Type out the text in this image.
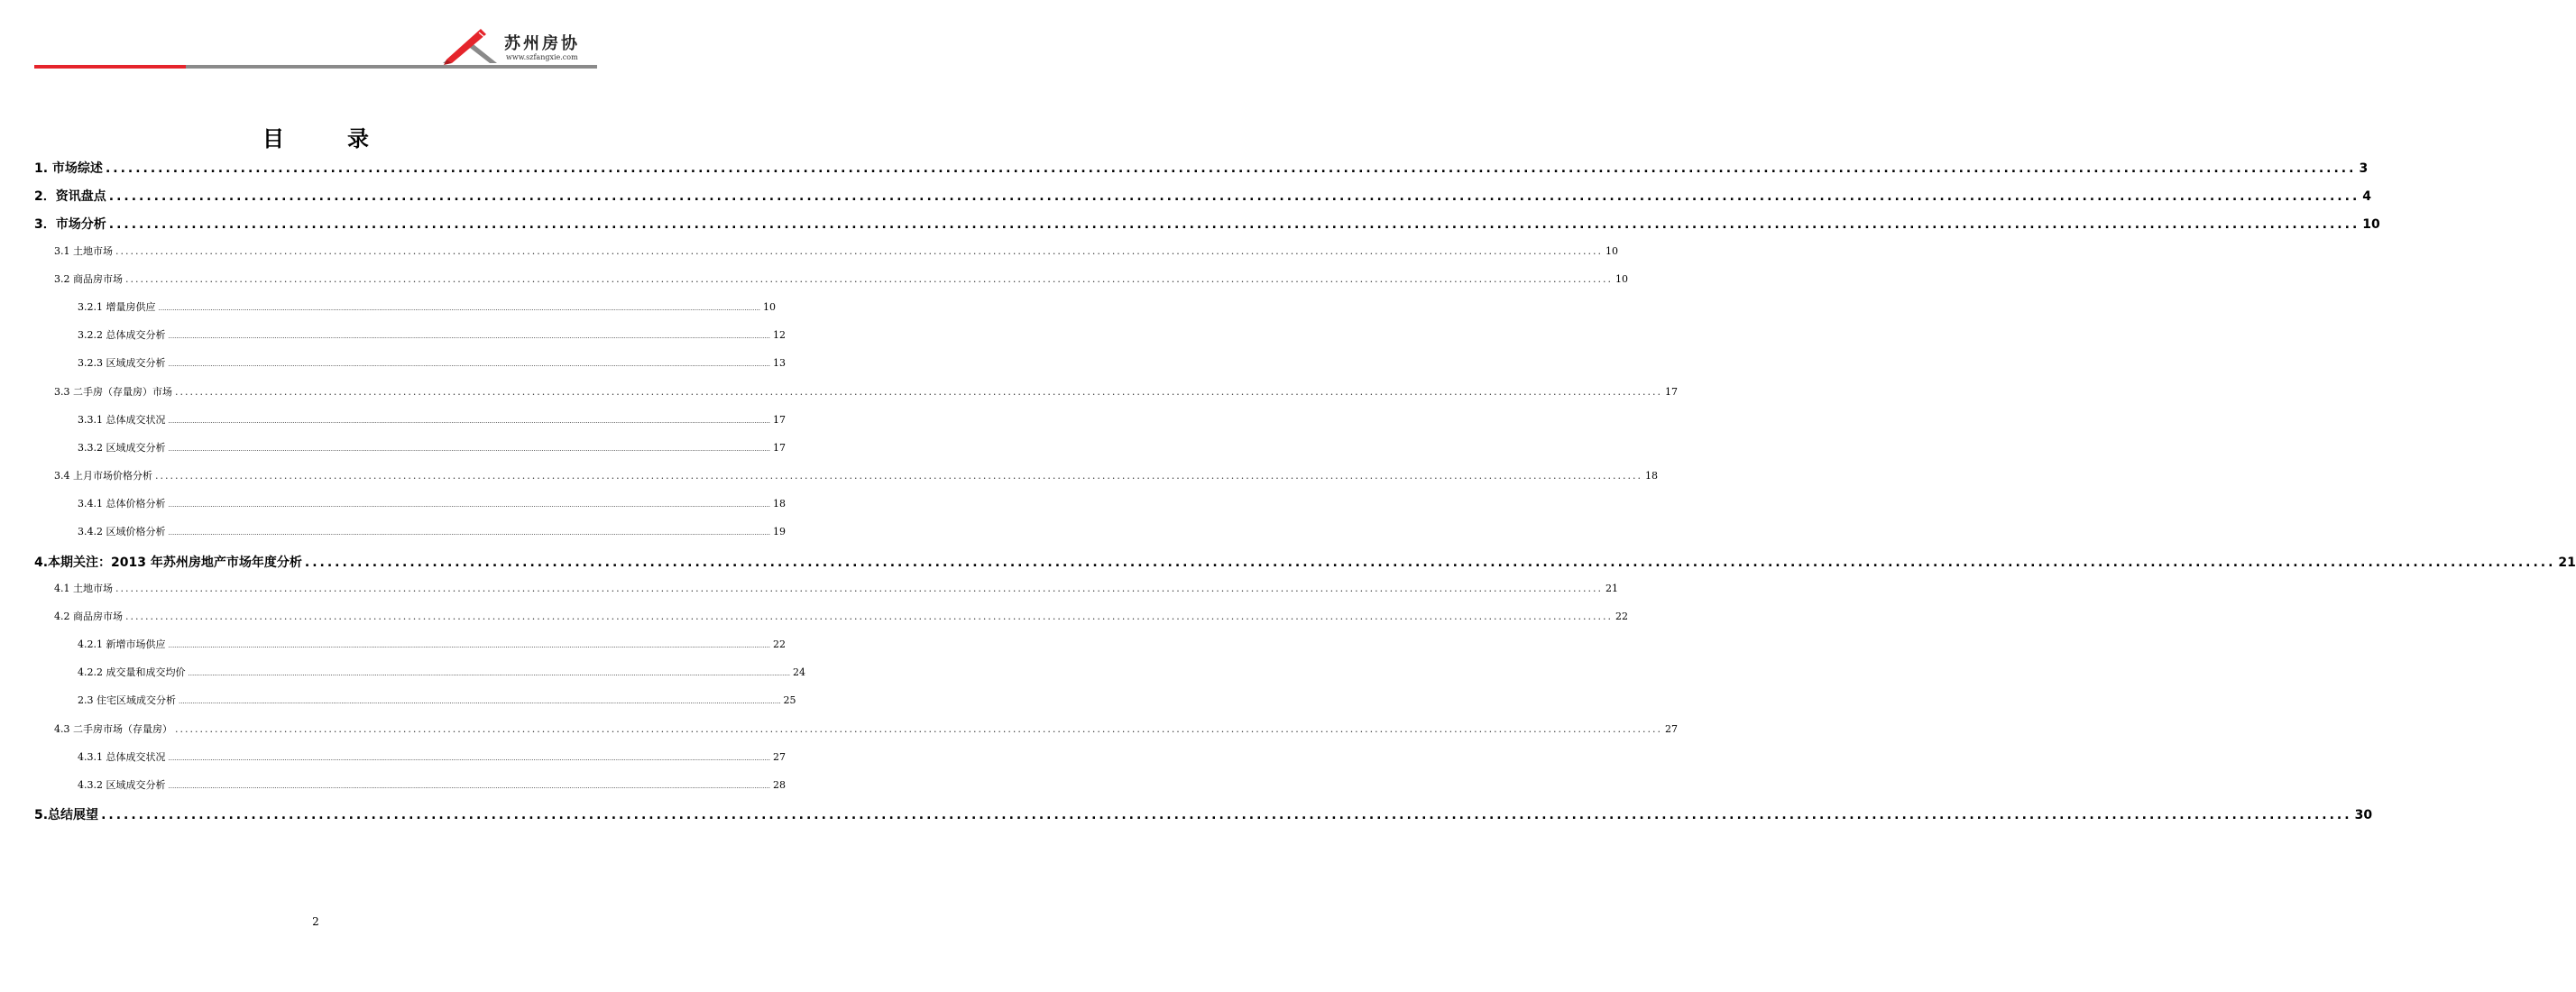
苏州房协
www.szfangxie.com
目	录
1. 市场综述 ............................................................................................................................................................................................................................................................................................................ 3
2．资讯盘点 ............................................................................................................................................................................................................................................................................................................ 4
3．市场分析 ............................................................................................................................................................................................................................................................................................................ 10
3.1 土地市场 ............................................................................................................................................................................................................................................................................................................ 10
3.2 商品房市场 ............................................................................................................................................................................................................................................................................................................ 10
3.2.1 增量房供应 ............................................................................................................................................................................................................................................................................................................ 10
3.2.2 总体成交分析 ............................................................................................................................................................................................................................................................................................................ 12
3.2.3 区域成交分析 ............................................................................................................................................................................................................................................................................................................ 13
3.3 二手房（存量房）市场 ............................................................................................................................................................................................................................................................................................................ 17
3.3.1 总体成交状况 ............................................................................................................................................................................................................................................................................................................ 17
3.3.2 区域成交分析 ............................................................................................................................................................................................................................................................................................................ 17
3.4 上月市场价格分析 ............................................................................................................................................................................................................................................................................................................ 18
3.4.1 总体价格分析 ............................................................................................................................................................................................................................................................................................................ 18
3.4.2 区域价格分析 ............................................................................................................................................................................................................................................................................................................ 19
4.本期关注：2013 年苏州房地产市场年度分析 ............................................................................................................................................................................................................................................................................................................ 21
4.1 土地市场 ............................................................................................................................................................................................................................................................................................................ 21
4.2 商品房市场 ............................................................................................................................................................................................................................................................................................................ 22
4.2.1 新增市场供应 ............................................................................................................................................................................................................................................................................................................ 22
4.2.2 成交量和成交均价 ............................................................................................................................................................................................................................................................................................................ 24
2.3 住宅区域成交分析 ............................................................................................................................................................................................................................................................................................................ 25
4.3 二手房市场（存量房） ............................................................................................................................................................................................................................................................................................................ 27
4.3.1 总体成交状况 ............................................................................................................................................................................................................................................................................................................ 27
4.3.2 区域成交分析 ............................................................................................................................................................................................................................................................................................................ 28
5.总结展望 ............................................................................................................................................................................................................................................................................................................ 30
2
